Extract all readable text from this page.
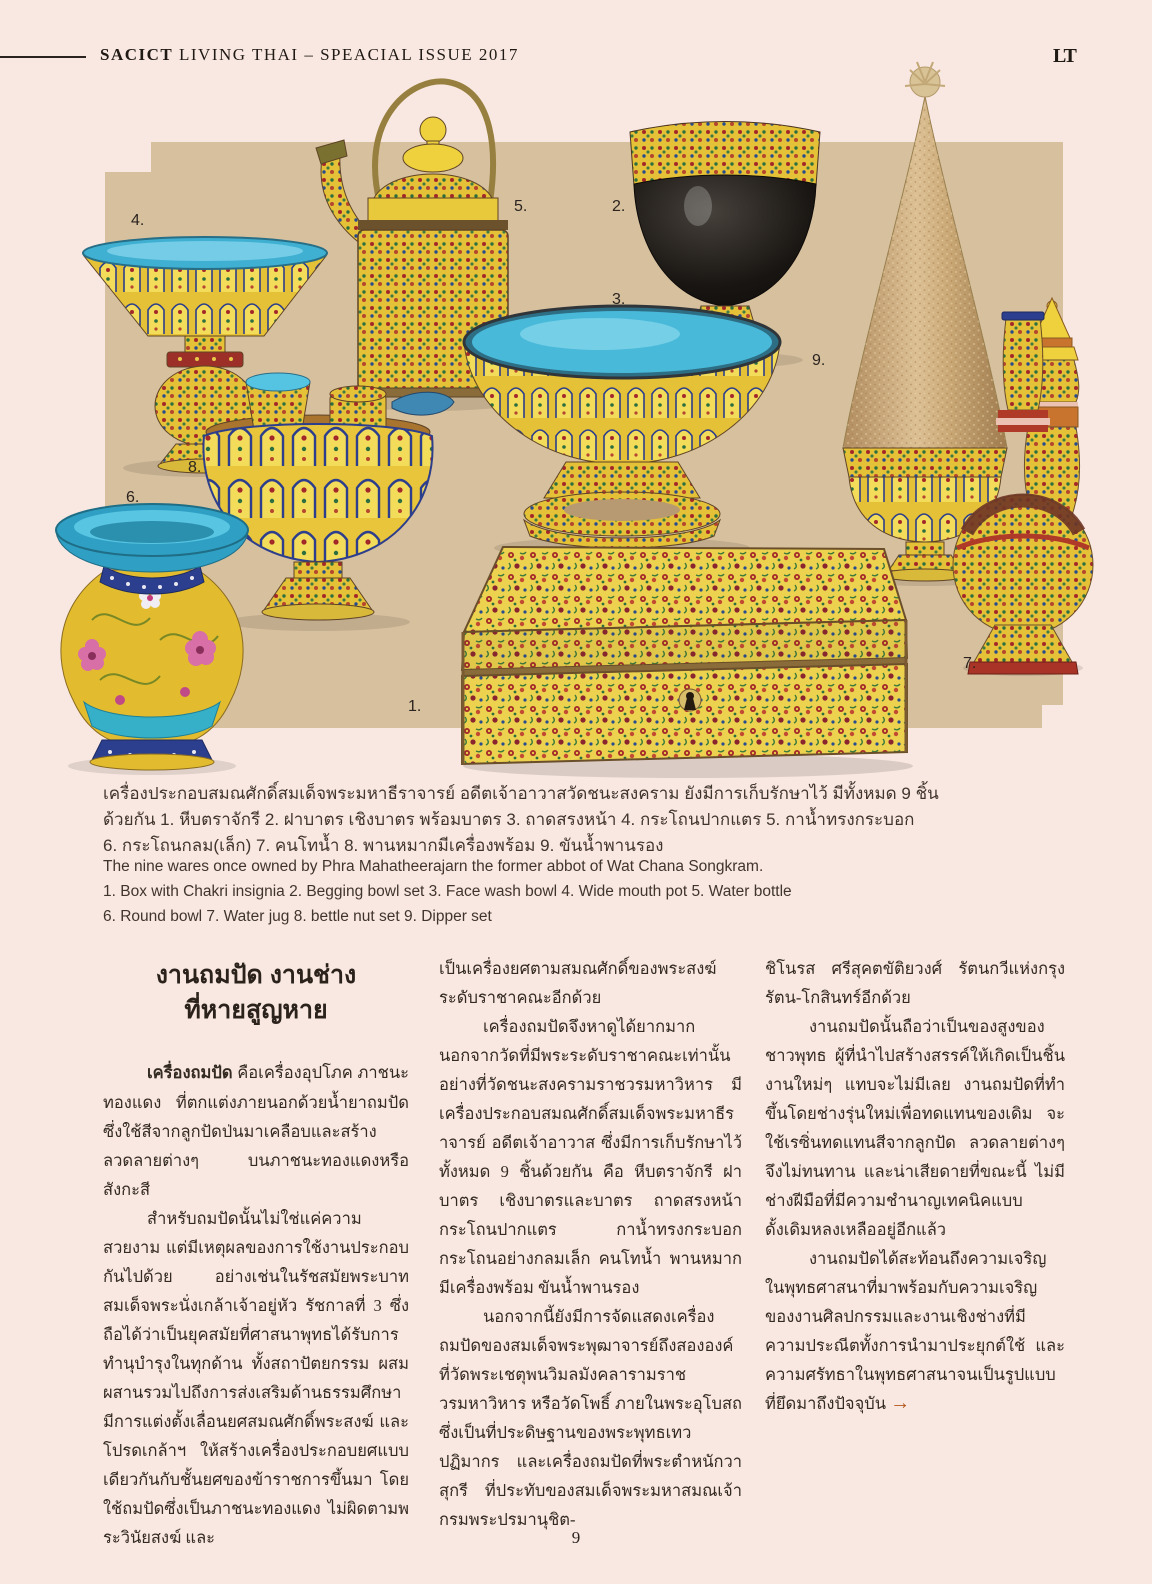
SACICT LIVING THAI – SPEACIAL ISSUE 2017	LT
1.
2.
3.
4.
5.
6.
7.
8.
9.
เครื่องประกอบสมณศักดิ์สมเด็จพระมหาธีราจารย์ อดีตเจ้าอาวาสวัดชนะสงคราม ยังมีการเก็บรักษาไว้ มีทั้งหมด 9 ชิ้น
ด้วยกัน 1. หีบตราจักรี 2. ฝาบาตร เชิงบาตร พร้อมบาตร 3. ถาดสรงหน้า 4. กระโถนปากแตร 5. กาน้ำทรงกระบอก
6. กระโถนกลม(เล็ก) 7. คนโทน้ำ 8. พานหมากมีเครื่องพร้อม 9. ขันน้ำพานรอง
The nine wares once owned by Phra Mahatheerajarn the former abbot of Wat Chana Songkram.
1. Box with Chakri insignia 2. Begging bowl set 3. Face wash bowl 4. Wide mouth pot 5. Water bottle
6. Round bowl 7. Water jug 8. bettle nut set 9. Dipper set
งานถมปัด งานช่าง
ที่หายสูญหาย

เครื่องถมปัด คือเครื่องอุปโภค ภาชนะทองแดง ที่ตกแต่งภายนอกด้วยน้ำยาถมปัด ซึ่งใช้สีจากลูกปัดป่นมาเคลือบและสร้างลวดลายต่างๆ บนภาชนะทองแดงหรือสังกะสี

สำหรับถมปัดนั้นไม่ใช่แค่ความสวยงาม แต่มีเหตุผลของการใช้งานประกอบกันไปด้วย อย่างเช่นในรัชสมัยพระบาทสมเด็จพระนั่งเกล้าเจ้าอยู่หัว รัชกาลที่ 3 ซึ่งถือได้ว่าเป็นยุคสมัยที่ศาสนาพุทธได้รับการทำนุบำรุงในทุกด้าน ทั้งสถาปัตยกรรม ผสมผสานรวมไปถึงการส่งเสริมด้านธรรมศึกษา มีการแต่งตั้งเลื่อนยศสมณศักดิ์พระสงฆ์ และโปรดเกล้าฯ ให้สร้างเครื่องประกอบยศแบบเดียวกันกับชั้นยศของข้าราชการขึ้นมา โดยใช้ถมปัดซึ่งเป็นภาชนะทองแดง ไม่ผิดตามพระวินัยสงฆ์ และ

เป็นเครื่องยศตามสมณศักดิ์ของพระสงฆ์ระดับราชาคณะอีกด้วย

เครื่องถมปัดจึงหาดูได้ยากมากนอกจากวัดที่มีพระระดับราชาคณะเท่านั้น อย่างที่วัดชนะสงครามราชวรมหาวิหาร มีเครื่องประกอบสมณศักดิ์สมเด็จพระมหาธีราจารย์ อดีตเจ้าอาวาส ซึ่งมีการเก็บรักษาไว้ทั้งหมด 9 ชิ้นด้วยกัน คือ หีบตราจักรี ฝาบาตร เชิงบาตรและบาตร ถาดสรงหน้า กระโถนปากแตร กาน้ำทรงกระบอก กระโถนอย่างกลมเล็ก คนโทน้ำ พานหมากมีเครื่องพร้อม ขันน้ำพานรอง

นอกจากนี้ยังมีการจัดแสดงเครื่องถมปัดของสมเด็จพระพุฒาจารย์ถึงสององค์ที่วัดพระเชตุพนวิมลมังคลารามราชวรมหาวิหาร หรือวัดโพธิ์ ภายในพระอุโบสถซึ่งเป็นที่ประดิษฐานของพระพุทธเทวปฏิมากร และเครื่องถมปัดที่พระตำหนักวาสุกรี ที่ประทับของสมเด็จพระมหาสมณเจ้า กรมพระปรมานุชิต-

ชิโนรส ศรีสุคตขัติยวงศ์ รัตนกวีแห่งกรุงรัตน-โกสินทร์อีกด้วย

งานถมปัดนั้นถือว่าเป็นของสูงของชาวพุทธ ผู้ที่นำไปสร้างสรรค์ให้เกิดเป็นชิ้นงานใหม่ๆ แทบจะไม่มีเลย งานถมปัดที่ทำขึ้นโดยช่างรุ่นใหม่เพื่อทดแทนของเดิม จะใช้เรซิ่นทดแทนสีจากลูกปัด ลวดลายต่างๆ จึงไม่ทนทาน และน่าเสียดายที่ขณะนี้ ไม่มีช่างฝีมือที่มีความชำนาญเทคนิคแบบดั้งเดิมหลงเหลืออยู่อีกแล้ว

งานถมปัดได้สะท้อนถึงความเจริญในพุทธศาสนาที่มาพร้อมกับความเจริญของงานศิลปกรรมและงานเชิงช่างที่มีความประณีตทั้งการนำมาประยุกต์ใช้ และความศรัทธาในพุทธศาสนาจนเป็นรูปแบบที่ยึดมาถึงปัจจุบัน →

9
